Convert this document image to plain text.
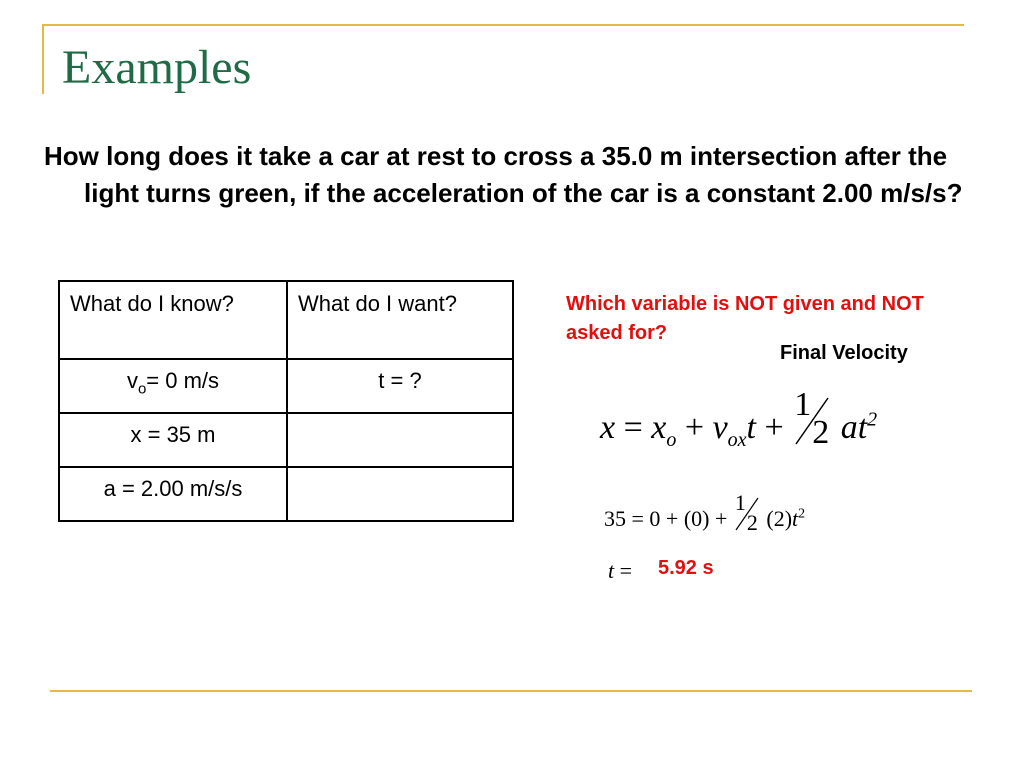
Examples
How long does it take a car at rest to cross a 35.0 m intersection after the light turns green, if the acceleration of the car is a constant 2.00 m/s/s?
What do I know?	What do I want?
$v_o= 0$ m/s	t = ?
x = 35 m	
a = 2.00 m/s/s	
Which variable is NOT given and NOT asked for?
Final Velocity
$x = x_o + v_{ox}t$ +
1
2 $at^2$
35 = 0 + (0) +
1
2 $(2)t^2$
t = 5.92 s
